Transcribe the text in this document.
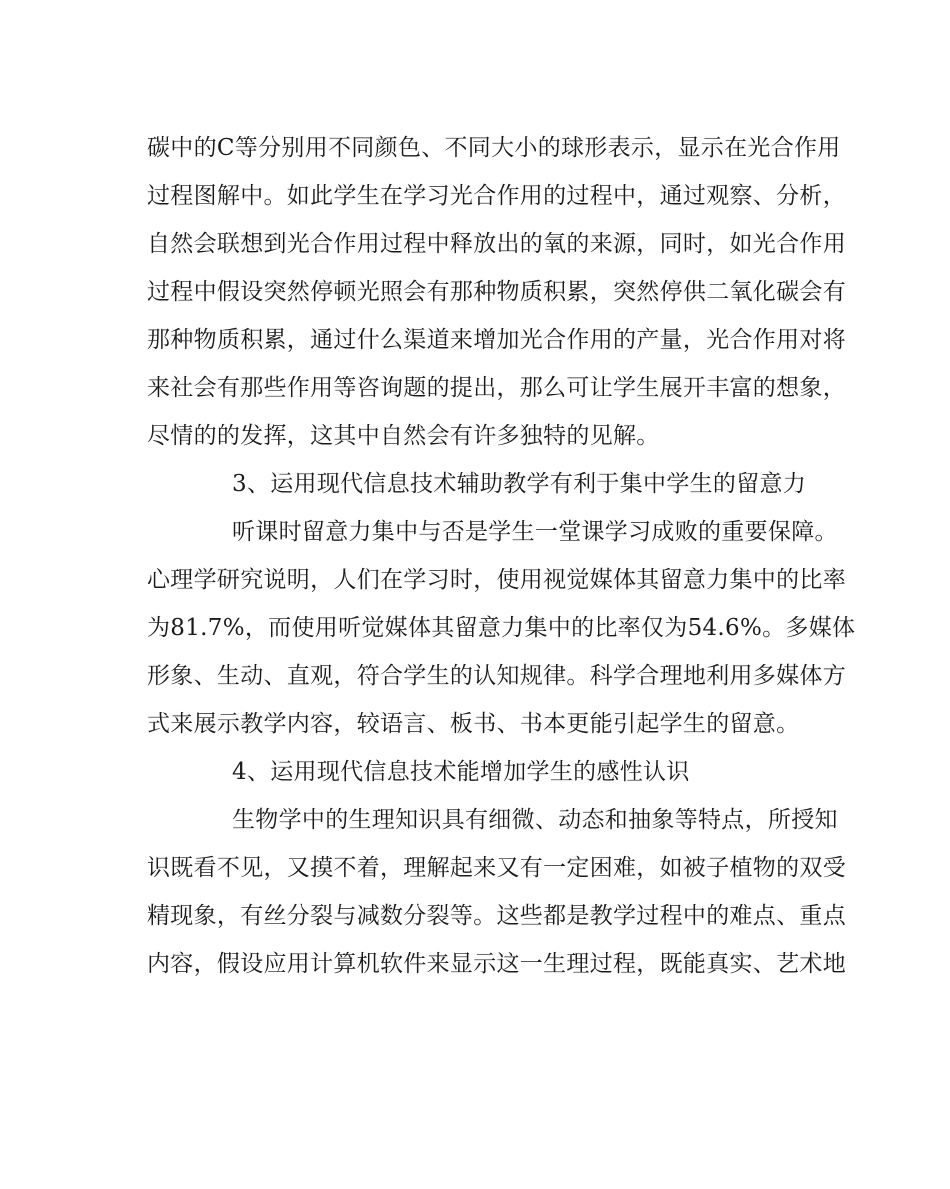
碳中的C等分别用不同颜色、不同大小的球形表示，显示在光合作用
过程图解中。如此学生在学习光合作用的过程中，通过观察、分析，
自然会联想到光合作用过程中释放出的氧的来源，同时，如光合作用
过程中假设突然停顿光照会有那种物质积累，突然停供二氧化碳会有
那种物质积累，通过什么渠道来增加光合作用的产量，光合作用对将
来社会有那些作用等咨询题的提出，那么可让学生展开丰富的想象，
尽情的的发挥，这其中自然会有许多独特的见解。
3、运用现代信息技术辅助教学有利于集中学生的留意力
听课时留意力集中与否是学生一堂课学习成败的重要保障。
心理学研究说明，人们在学习时，使用视觉媒体其留意力集中的比率
为81.7%，而使用听觉媒体其留意力集中的比率仅为54.6%。多媒体
形象、生动、直观，符合学生的认知规律。科学合理地利用多媒体方
式来展示教学内容，较语言、板书、书本更能引起学生的留意。
4、运用现代信息技术能增加学生的感性认识
生物学中的生理知识具有细微、动态和抽象等特点，所授知
识既看不见，又摸不着，理解起来又有一定困难，如被子植物的双受
精现象，有丝分裂与减数分裂等。这些都是教学过程中的难点、重点
内容，假设应用计算机软件来显示这一生理过程，既能真实、艺术地
